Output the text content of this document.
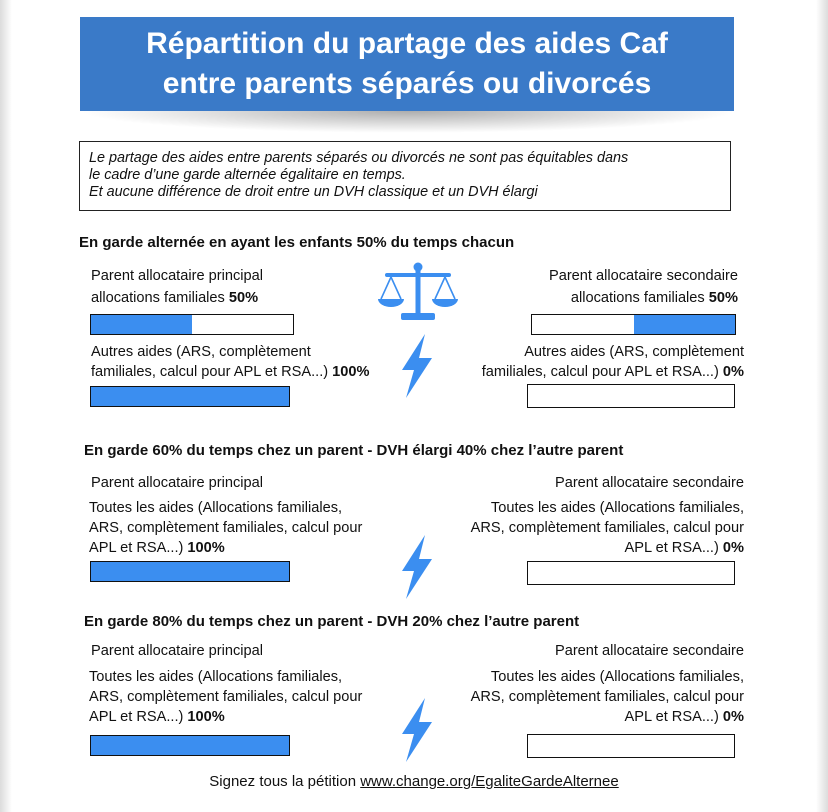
Répartition du partage des aides Caf
entre parents séparés ou divorcés
Le partage des aides entre parents séparés ou divorcés ne sont pas équitables dans
le cadre d’une garde alternée égalitaire en temps.
Et aucune différence de droit entre un DVH classique et un DVH élargi
En garde alternée en ayant les enfants 50% du temps chacun
Parent allocataire principal
allocations familiales 50%
Autres aides (ARS, complètement
familiales, calcul pour APL et RSA...) 100%
Parent allocataire secondaire
allocations familiales 50%
Autres aides (ARS, complètement
familiales, calcul pour APL et RSA...) 0%
En garde 60% du temps chez un parent - DVH élargi 40% chez l’autre parent
Parent allocataire principal
Toutes les aides (Allocations familiales,
ARS, complètement familiales, calcul pour
APL et RSA...) 100%
Parent allocataire secondaire
Toutes les aides (Allocations familiales,
ARS, complètement familiales, calcul pour
APL et RSA...) 0%
En garde 80% du temps chez un parent - DVH 20% chez l’autre parent
Parent allocataire principal
Toutes les aides (Allocations familiales,
ARS, complètement familiales, calcul pour
APL et RSA...) 100%
Parent allocataire secondaire
Toutes les aides (Allocations familiales,
ARS, complètement familiales, calcul pour
APL et RSA...) 0%
Signez tous la pétition www.change.org/EgaliteGardeAlternee
